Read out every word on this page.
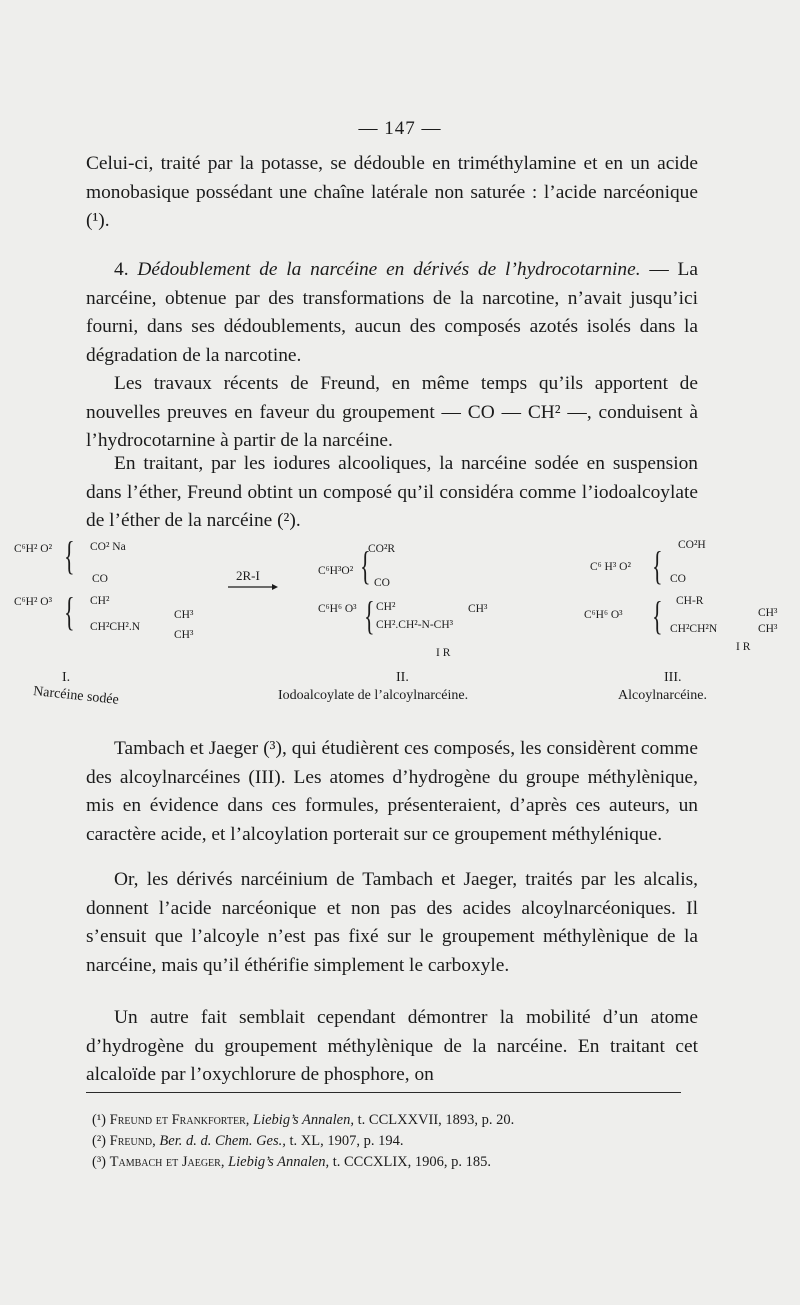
— 147 —
Celui-ci, traité par la potasse, se dédouble en triméthylamine et en un acide monobasique possédant une chaîne latérale non saturée : l’acide narcéonique (¹).
4. Dédoublement de la narcéine en dérivés de l’hydrocotarnine. — La narcéine, obtenue par des transformations de la narcotine, n’avait jusqu’ici fourni, dans ses dédoublements, aucun des composés azotés isolés dans la dégradation de la narcotine.
Les travaux récents de Freund, en même temps qu’ils apportent de nouvelles preuves en faveur du groupement — CO — CH² —, conduisent à l’hydrocotarnine à partir de la narcéine.
En traitant, par les iodures alcooliques, la narcéine sodée en suspension dans l’éther, Freund obtint un composé qu’il considéra comme l’iodoalcoylate de l’éther de la narcéine (²).
C⁶H² O² { CO² Na
CO
C⁶H² O³ { CH²
CH³
CH²CH².N
CH³
I.
Narcéine sodée
2R-I
CO²R
C⁶H³O² { CO
C⁶H⁶ O³ { CH²	CH³
CH².CH²-N-CH³
I R
II.
Iodoalcoylate de l’alcoylnarcéine.
CO²H
C⁶ H³ O² { CO
CH-R
C⁶H⁶ O³ {	CH³
CH²CH²N	CH³
I R
III.
Alcoylnarcéine.
Tambach et Jaeger (³), qui étudièrent ces composés, les considèrent comme des alcoylnarcéines (III). Les atomes d’hydrogène du groupe méthylènique, mis en évidence dans ces formules, présenteraient, d’après ces auteurs, un caractère acide, et l’alcoylation porterait sur ce groupement méthylénique.
Or, les dérivés narcéinium de Tambach et Jaeger, traités par les alcalis, donnent l’acide narcéonique et non pas des acides alcoylnarcéoniques. Il s’ensuit que l’alcoyle n’est pas fixé sur le groupement méthylènique de la narcéine, mais qu’il éthérifie simplement le carboxyle.
Un autre fait semblait cependant démontrer la mobilité d’un atome d’hydrogène du groupement méthylènique de la narcéine. En traitant cet alcaloïde par l’oxychlorure de phosphore, on
(¹) Freund et Frankforter, Liebig’s Annalen, t. CCLXXVII, 1893, p. 20.
(²) Freund, Ber. d. d. Chem. Ges., t. XL, 1907, p. 194.
(³) Tambach et Jaeger, Liebig’s Annalen, t. CCCXLIX, 1906, p. 185.
